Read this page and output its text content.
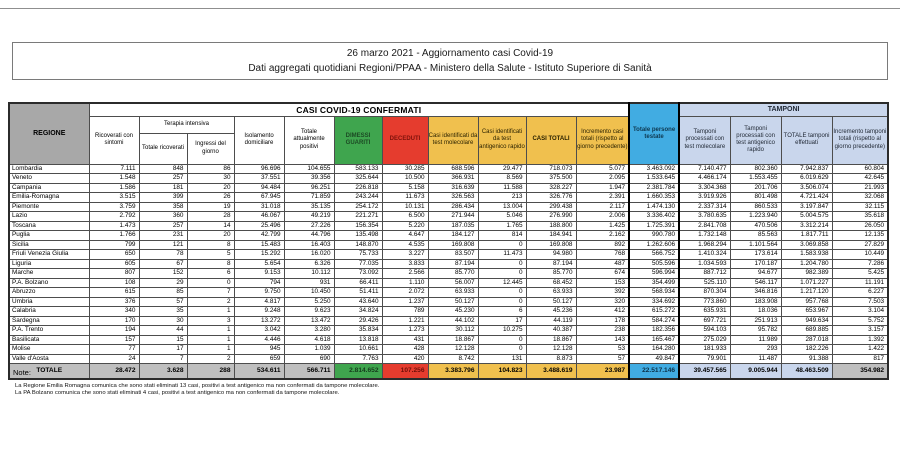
26 marzo 2021 - Aggiornamento casi Covid-19
Dati aggregati quotidiani Regioni/PPAA - Ministero della Salute - Istituto Superiore di Sanità
REGIONE	CASI COVID-19 CONFERMATI											Totale persone testate	TAMPONI			
	Ricoverati con sintomi	Terapia intensiva		Isolamento domiciliare	Totale attualmente positivi	DIMESSI GUARITI	DECEDUTI	Casi identificati da test molecolare	Casi identificati da test antigenico rapido	CASI TOTALI	Incremento casi totali (rispetto al giorno precedente)		Tamponi processati con test molecolare	Tamponi processati con test antigenico rapido	TOTALE tamponi effettuati	Incremento tamponi totali (rispetto al giorno precedente)
		Totale ricoverati	Ingressi del giorno													
Lombardia	7.111	848	86	96.696	104.655	583.133	30.285	688.596	29.477	718.073	5.077	3.463.092	7.140.477	802.360	7.942.837	60.804
Veneto	1.548	257	30	37.551	39.356	325.644	10.500	366.931	8.569	375.500	2.095	1.533.645	4.466.174	1.553.455	6.019.629	42.645
Campania	1.586	181	20	94.484	96.251	226.818	5.158	316.639	11.588	328.227	1.947	2.381.784	3.304.368	201.706	3.506.074	21.993
Emilia-Romagna	3.515	399	26	67.945	71.859	243.244	11.673	326.563	213	326.776	2.391	1.660.353	3.919.926	801.498	4.721.424	32.068
Piemonte	3.759	358	19	31.018	35.135	254.172	10.131	286.434	13.004	299.438	2.117	1.474.130	2.337.314	860.533	3.197.847	32.115
Lazio	2.792	360	28	46.067	49.219	221.271	6.500	271.944	5.046	276.990	2.006	3.336.402	3.780.635	1.223.940	5.004.575	35.618
Toscana	1.473	257	14	25.496	27.226	156.354	5.220	187.035	1.765	188.800	1.425	1.725.391	2.841.708	470.506	3.312.214	26.050
Puglia	1.766	231	20	42.799	44.796	135.498	4.647	184.127	814	184.941	2.162	990.780	1.732.148	85.563	1.817.711	12.135
Sicilia	799	121	8	15.483	16.403	148.870	4.535	169.808	0	169.808	892	1.262.606	1.968.294	1.101.564	3.069.858	27.829
Friuli Venezia Giulia	650	78	5	15.292	16.020	75.733	3.227	83.507	11.473	94.980	768	566.752	1.410.324	173.614	1.583.938	10.449
Liguria	605	67	8	5.654	6.326	77.035	3.833	87.194	0	87.194	487	505.596	1.034.593	170.187	1.204.780	7.286
Marche	807	152	6	9.153	10.112	73.092	2.566	85.770	0	85.770	674	596.994	887.712	94.677	982.389	5.425
P.A. Bolzano	108	29	0	794	931	66.411	1.110	56.007	12.445	68.452	153	354.499	525.110	546.117	1.071.227	11.191
Abruzzo	615	85	7	9.750	10.450	51.411	2.072	63.933	0	63.933	392	568.934	870.304	346.816	1.217.120	6.227
Umbria	376	57	2	4.817	5.250	43.640	1.237	50.127	0	50.127	320	334.692	773.860	183.908	957.768	7.503
Calabria	340	35	1	9.248	9.623	34.824	789	45.230	6	45.236	412	615.272	635.931	18.036	653.967	3.104
Sardegna	170	30	3	13.272	13.472	29.426	1.221	44.102	17	44.119	178	584.274	697.721	251.913	949.634	5.752
P.A. Trento	194	44	1	3.042	3.280	35.834	1.273	30.112	10.275	40.387	238	182.356	594.103	95.782	689.885	3.157
Basilicata	157	15	1	4.446	4.618	13.818	431	18.867	0	18.867	143	165.467	275.029	11.989	287.018	1.392
Molise	77	17	1	945	1.039	10.661	428	12.128	0	12.128	53	164.280	181.933	293	182.226	1.422
Valle d'Aosta	24	7	2	659	690	7.763	420	8.742	131	8.873	57	49.847	79.901	11.487	91.388	817
TOTALE	28.472	3.628	288	534.611	566.711	2.814.652	107.256	3.383.796	104.823	3.488.619	23.987	22.517.146	39.457.565	9.005.944	48.463.509	354.982
Note:
La Regione Emilia Romagna comunica che sono stati eliminati 13 casi, positivi a test antigenico ma non confermati da tampone molecolare.
La PA Bolzano comunica che sono stati eliminati 4 casi, positivi a test antigenico ma non confermati da tampone molecolare.
